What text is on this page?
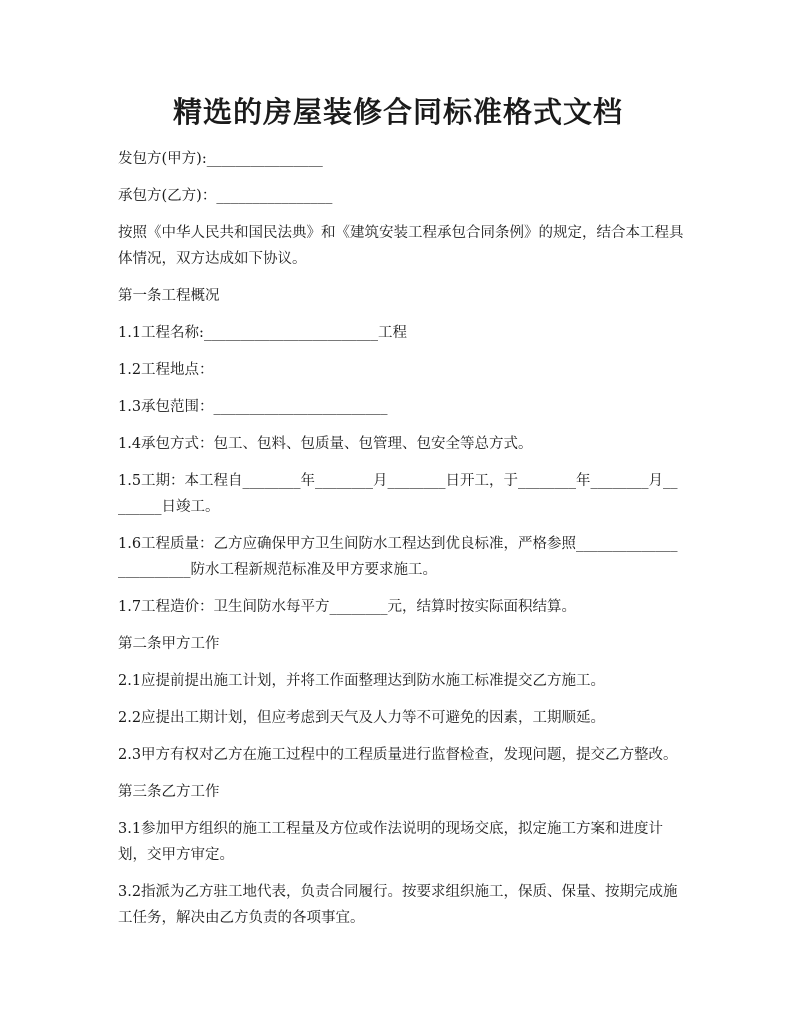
精选的房屋装修合同标准格式文档

发包方(甲方):________________

承包方(乙方)：________________

按照《中华人民共和国民法典》和《建筑安装工程承包合同条例》的规定，结合本工程具体情况，双方达成如下协议。

第一条工程概况

1.1工程名称:________________________工程

1.2工程地点：

1.3承包范围：________________________

1.4承包方式：包工、包料、包质量、包管理、包安全等总方式。

1.5工期：本工程自________年________月________日开工，于________年________月________日竣工。

1.6工程质量：乙方应确保甲方卫生间防水工程达到优良标准，严格参照________________________防水工程新规范标准及甲方要求施工。

1.7工程造价：卫生间防水每平方________元，结算时按实际面积结算。

第二条甲方工作

2.1应提前提出施工计划，并将工作面整理达到防水施工标准提交乙方施工。

2.2应提出工期计划，但应考虑到天气及人力等不可避免的因素，工期顺延。

2.3甲方有权对乙方在施工过程中的工程质量进行监督检查，发现问题，提交乙方整改。

第三条乙方工作

3.1参加甲方组织的施工工程量及方位或作法说明的现场交底，拟定施工方案和进度计划，交甲方审定。

3.2指派为乙方驻工地代表，负责合同履行。按要求组织施工，保质、保量、按期完成施工任务，解决由乙方负责的各项事宜。
